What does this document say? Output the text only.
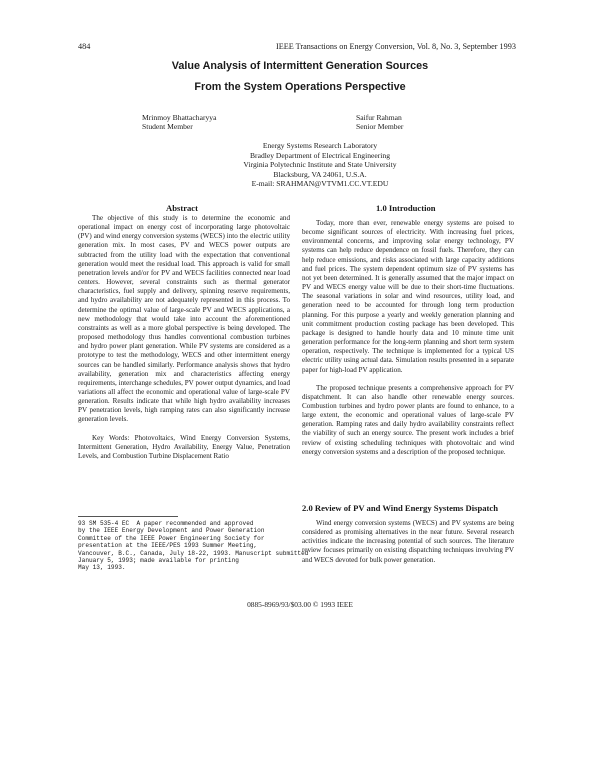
484	IEEE Transactions on Energy Conversion, Vol. 8, No. 3, September 1993
Value Analysis of Intermittent Generation Sources
From the System Operations Perspective
Mrinmoy Bhattacharyya
Student Member
Saifur Rahman
Senior Member
Energy Systems Research Laboratory
Bradley Department of Electrical Engineering
Virginia Polytechnic Institute and State University
Blacksburg, VA 24061, U.S.A.
E-mail: SRAHMAN@VTVM1.CC.VT.EDU
Abstract

The objective of this study is to determine the economic and operational impact on energy cost of incorporating large photovoltaic (PV) and wind energy conversion systems (WECS) into the electric utility generation mix. In most cases, PV and WECS power outputs are subtracted from the utility load with the expectation that conventional generation would meet the residual load. This approach is valid for small penetration levels and/or for PV and WECS facilities connected near load centers. However, several constraints such as thermal generator characteristics, fuel supply and delivery, spinning reserve requirements, and hydro availability are not adequately represented in this process. To determine the optimal value of large-scale PV and WECS applications, a new methodology that would take into account the aforementioned constraints as well as a more global perspective is being developed. The proposed methodology thus handles conventional combustion turbines and hydro power plant generation. While PV systems are considered as a prototype to test the methodology, WECS and other intermittent energy sources can be handled similarly. Performance analysis shows that hydro availability, generation mix and characteristics affecting energy requirements, interchange schedules, PV power output dynamics, and load variations all affect the economic and operational value of large-scale PV generation. Results indicate that while high hydro availability increases PV penetration levels, high ramping rates can also significantly increase generation levels.

Key Words: Photovoltaics, Wind Energy Conversion Systems, Intermittent Generation, Hydro Availability, Energy Value, Penetration Levels, and Combustion Turbine Displacement Ratio

93 SM 535-4 EC  A paper recommended and approved
by the IEEE Energy Development and Power Generation
Committee of the IEEE Power Engineering Society for
presentation at the IEEE/PES 1993 Summer Meeting,
Vancouver, B.C., Canada, July 18-22, 1993. Manuscript submitted
January 5, 1993; made available for printing
May 13, 1993.
1.0 Introduction

Today, more than ever, renewable energy systems are poised to become significant sources of electricity. With increasing fuel prices, environmental concerns, and improving solar energy technology, PV systems can help reduce dependence on fossil fuels. Therefore, they can help reduce emissions, and risks associated with large capacity additions and fuel prices. The system dependent optimum size of PV systems has not yet been determined. It is generally assumed that the major impact on PV and WECS energy value will be due to their short-time fluctuations. The seasonal variations in solar and wind resources, utility load, and generation need to be accounted for through long term production planning. For this purpose a yearly and weekly generation planning and unit commitment production costing package has been developed. This package is designed to handle hourly data and 10 minute time unit generation performance for the long-term planning and short term system operation, respectively. The technique is implemented for a typical US electric utility using actual data. Simulation results presented in a separate paper for high-load PV application.

The proposed technique presents a comprehensive approach for PV dispatchment. It can also handle other renewable energy sources. Combustion turbines and hydro power plants are found to enhance, to a large extent, the economic and operational values of large-scale PV generation. Ramping rates and daily hydro availability constraints reflect the viability of such an energy source. The present work includes a brief review of existing scheduling techniques with photovoltaic and wind energy conversion systems and a description of the proposed technique.

2.0 Review of PV and Wind Energy Systems Dispatch

Wind energy conversion systems (WECS) and PV systems are being considered as promising alternatives in the near future. Several research activities indicate the increasing potential of such sources. The literature review focuses primarily on existing dispatching techniques involving PV and WECS devoted for bulk power generation.

0885-8969/93/$03.00 © 1993 IEEE
